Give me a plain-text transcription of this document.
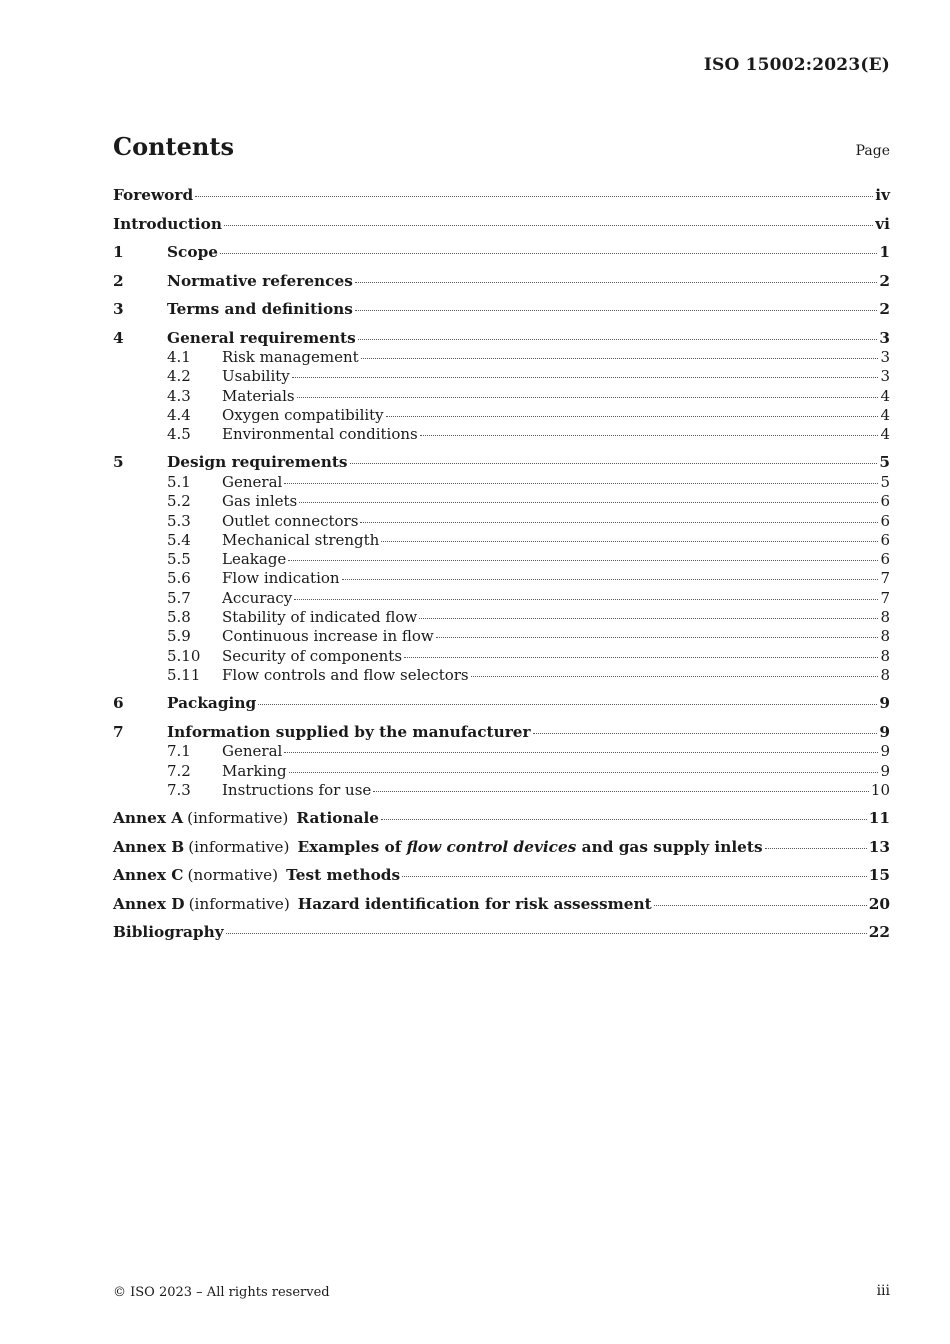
ISO 15002:2023(E)
Contents	Page
Foreword	iv
Introduction	vi
1	Scope	1
2	Normative references	2
3	Terms and definitions	2
4	General requirements	3
4.1	Risk management	3
4.2	Usability	3
4.3	Materials	4
4.4	Oxygen compatibility	4
4.5	Environmental conditions	4
5	Design requirements	5
5.1	General	5
5.2	Gas inlets	6
5.3	Outlet connectors	6
5.4	Mechanical strength	6
5.5	Leakage	6
5.6	Flow indication	7
5.7	Accuracy	7
5.8	Stability of indicated flow	8
5.9	Continuous increase in flow	8
5.10	Security of components	8
5.11	Flow controls and flow selectors	8
6	Packaging	9
7	Information supplied by the manufacturer	9
7.1	General	9
7.2	Marking	9
7.3	Instructions for use	10
Annex A (informative) Rationale	11
Annex B (informative) Examples of flow control devices and gas supply inlets	13
Annex C (normative) Test methods	15
Annex D (informative) Hazard identification for risk assessment	20
Bibliography	22
© ISO 2023 – All rights reserved	iii
